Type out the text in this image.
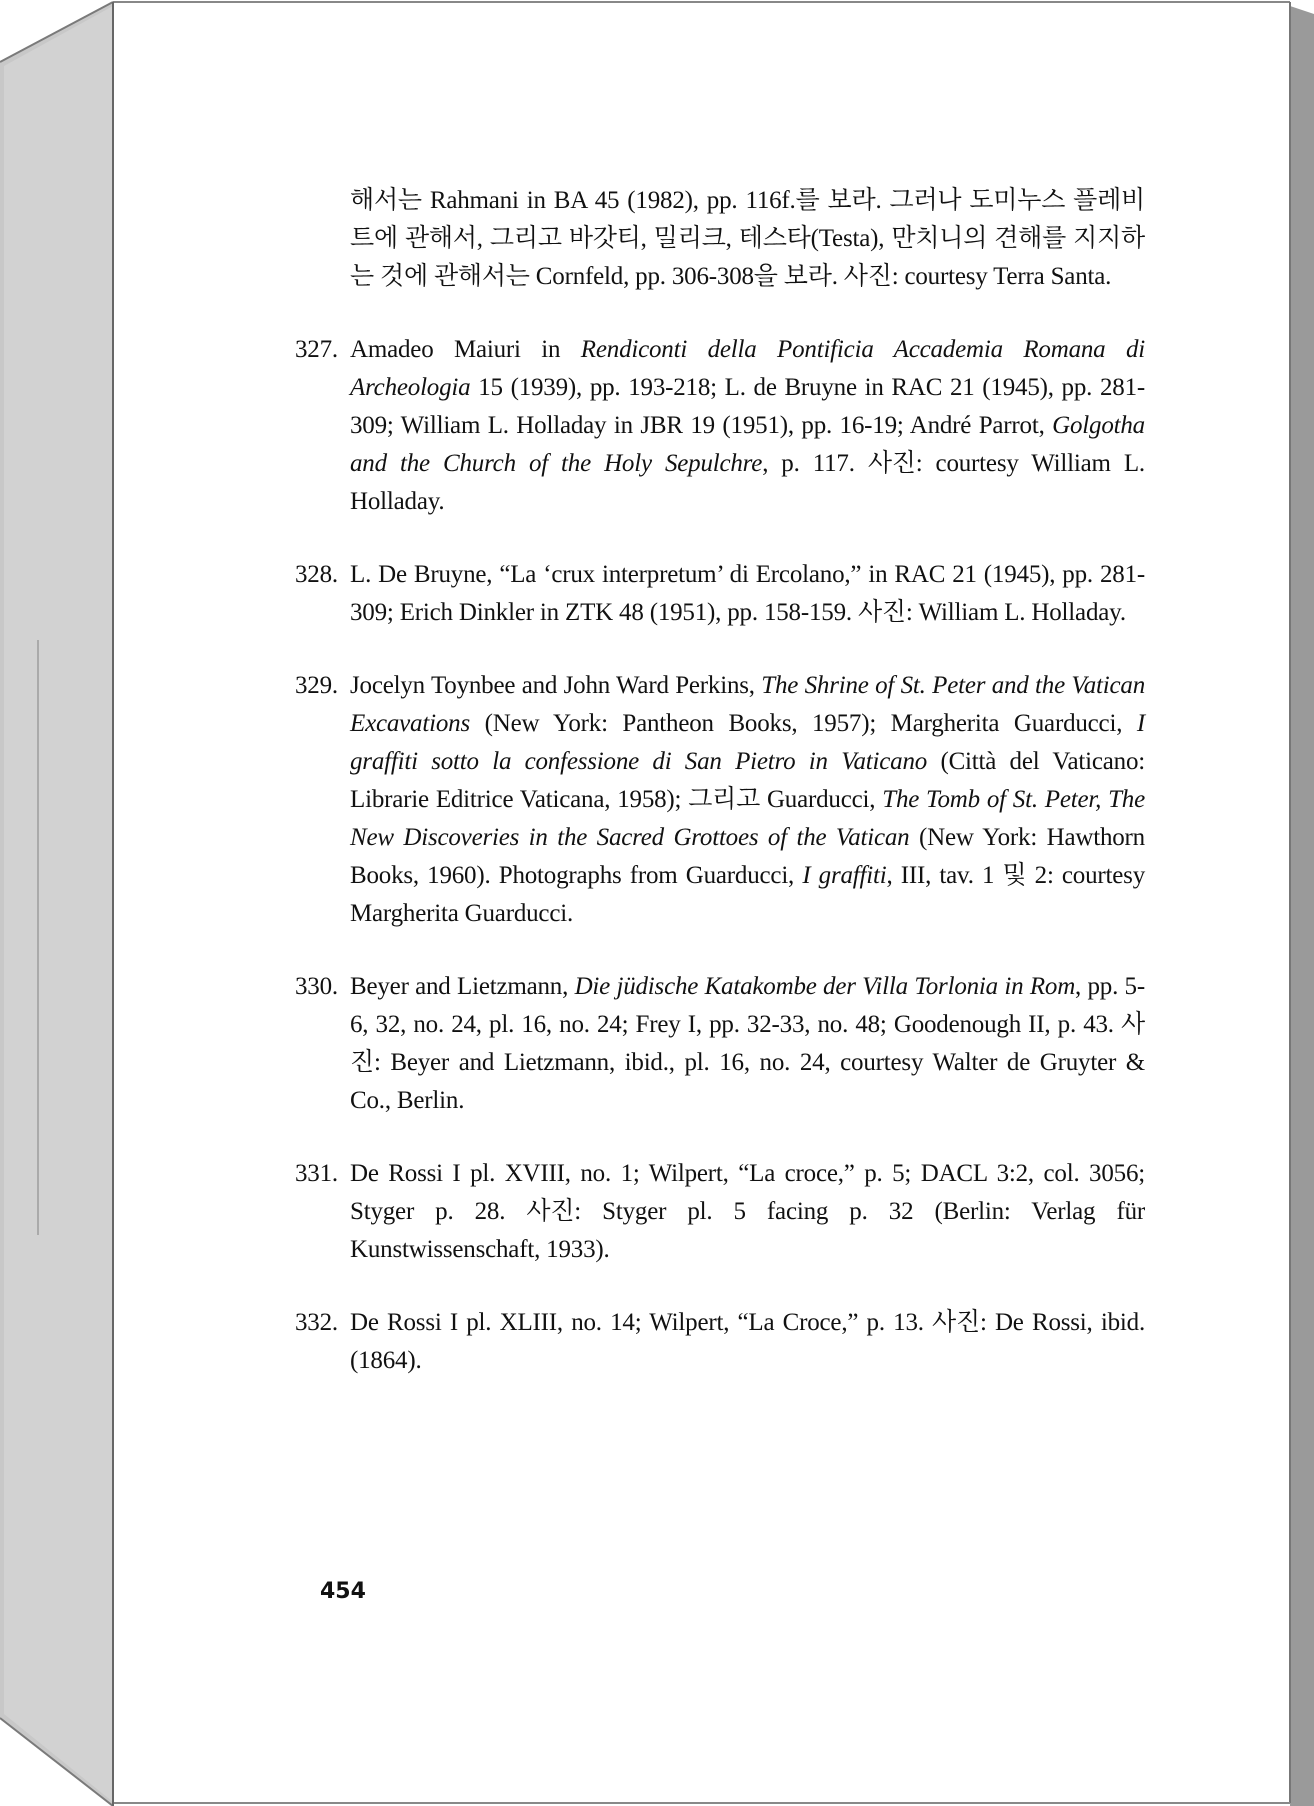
해서는 Rahmani in BA 45 (1982), pp. 116f.를 보라. 그러나 도미누스 플레비트에 관해서, 그리고 바갓티, 밀리크, 테스타(Testa), 만치니의 견해를 지지하는 것에 관해서는 Cornfeld, pp. 306-308을 보라. 사진: courtesy Terra Santa.

327. Amadeo Maiuri in Rendiconti della Pontificia Accademia Romana di Archeologia 15 (1939), pp. 193-218; L. de Bruyne in RAC 21 (1945), pp. 281-309; William L. Holladay in JBR 19 (1951), pp. 16-19; André Parrot, Golgotha and the Church of the Holy Sepulchre, p. 117. 사진: courtesy William L. Holladay.
328. L. De Bruyne, “La ‘crux interpretum’ di Ercolano,” in RAC 21 (1945), pp. 281-309; Erich Dinkler in ZTK 48 (1951), pp. 158-159. 사진: William L. Holladay.
329. Jocelyn Toynbee and John Ward Perkins, The Shrine of St. Peter and the Vatican Excavations (New York: Pantheon Books, 1957); Margherita Guarducci, I graffiti sotto la confessione di San Pietro in Vaticano (Città del Vaticano: Librarie Editrice Vaticana, 1958); 그리고 Guarducci, The Tomb of St. Peter, The New Discoveries in the Sacred Grottoes of the Vatican (New York: Hawthorn Books, 1960). Photographs from Guarducci, I graffiti, III, tav. 1 및 2: courtesy Margherita Guarducci.
330. Beyer and Lietzmann, Die jüdische Katakombe der Villa Torlonia in Rom, pp. 5-6, 32, no. 24, pl. 16, no. 24; Frey I, pp. 32-33, no. 48; Goodenough II, p. 43. 사진: Beyer and Lietzmann, ibid., pl. 16, no. 24, courtesy Walter de Gruyter & Co., Berlin.
331. De Rossi I pl. XVIII, no. 1; Wilpert, “La croce,” p. 5; DACL 3:2, col. 3056; Styger p. 28. 사진: Styger pl. 5 facing p. 32 (Berlin: Verlag für Kunstwissenschaft, 1933).
332. De Rossi I pl. XLIII, no. 14; Wilpert, “La Croce,” p. 13. 사진: De Rossi, ibid. (1864).
454
